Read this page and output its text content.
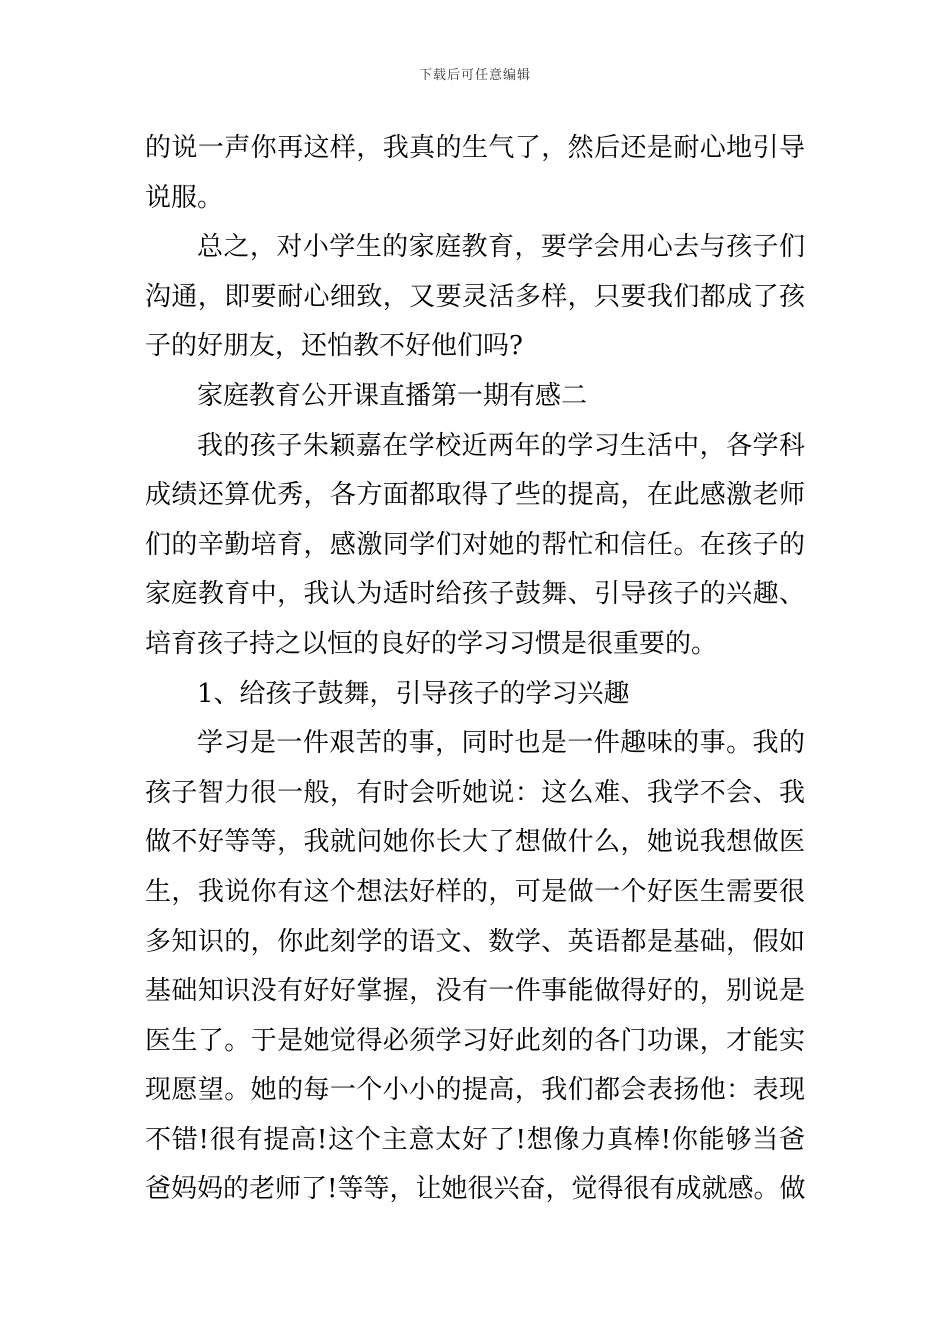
下载后可任意编辑
的说一声你再这样，我真的生气了，然后还是耐心地引导
说服。
总之，对小学生的家庭教育，要学会用心去与孩子们
沟通，即要耐心细致，又要灵活多样，只要我们都成了孩
子的好朋友，还怕教不好他们吗?
家庭教育公开课直播第一期有感二
我的孩子朱颖嘉在学校近两年的学习生活中，各学科
成绩还算优秀，各方面都取得了些的提高，在此感激老师
们的辛勤培育，感激同学们对她的帮忙和信任。在孩子的
家庭教育中，我认为适时给孩子鼓舞、引导孩子的兴趣、
培育孩子持之以恒的良好的学习习惯是很重要的。
1、给孩子鼓舞，引导孩子的学习兴趣
学习是一件艰苦的事，同时也是一件趣味的事。我的
孩子智力很一般，有时会听她说：这么难、我学不会、我
做不好等等，我就问她你长大了想做什么，她说我想做医
生，我说你有这个想法好样的，可是做一个好医生需要很
多知识的，你此刻学的语文、数学、英语都是基础，假如
基础知识没有好好掌握，没有一件事能做得好的，别说是
医生了。于是她觉得必须学习好此刻的各门功课，才能实
现愿望。她的每一个小小的提高，我们都会表扬他：表现
不错!很有提高!这个主意太好了!想像力真棒!你能够当爸
爸妈妈的老师了!等等，让她很兴奋，觉得很有成就感。做
